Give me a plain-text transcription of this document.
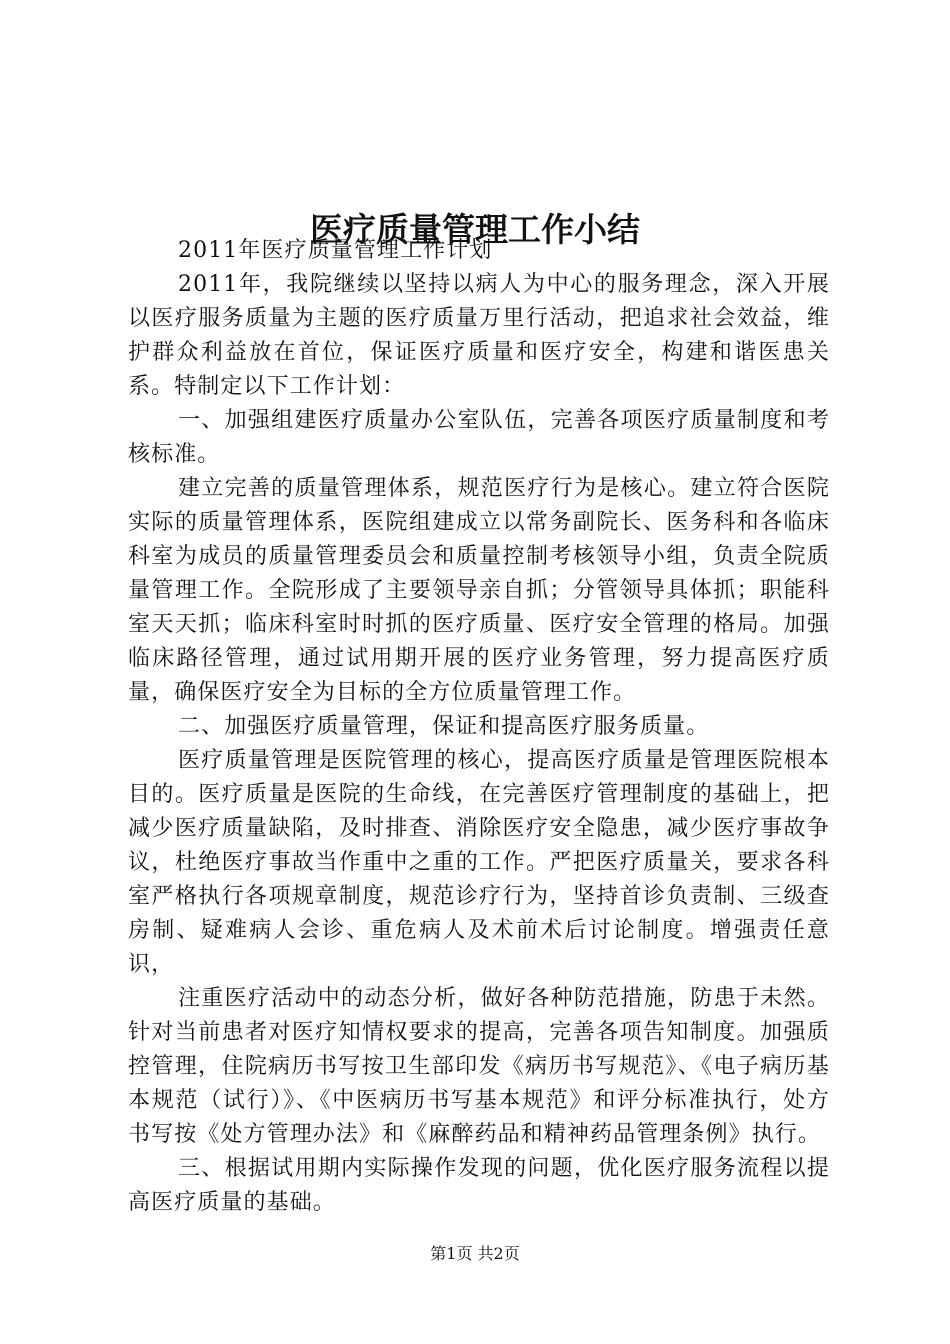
医疗质量管理工作小结

2011年医疗质量管理工作计划

2011年，我院继续以坚持以病人为中心的服务理念，深入开展以医疗服务质量为主题的医疗质量万里行活动，把追求社会效益，维护群众利益放在首位，保证医疗质量和医疗安全，构建和谐医患关系。特制定以下工作计划：

一、加强组建医疗质量办公室队伍，完善各项医疗质量制度和考核标准。

建立完善的质量管理体系，规范医疗行为是核心。建立符合医院实际的质量管理体系，医院组建成立以常务副院长、医务科和各临床科室为成员的质量管理委员会和质量控制考核领导小组，负责全院质量管理工作。全院形成了主要领导亲自抓；分管领导具体抓；职能科室天天抓；临床科室时时抓的医疗质量、医疗安全管理的格局。加强临床路径管理，通过试用期开展的医疗业务管理，努力提高医疗质量，确保医疗安全为目标的全方位质量管理工作。

二、加强医疗质量管理，保证和提高医疗服务质量。

医疗质量管理是医院管理的核心，提高医疗质量是管理医院根本目的。医疗质量是医院的生命线，在完善医疗管理制度的基础上，把减少医疗质量缺陷，及时排查、消除医疗安全隐患，减少医疗事故争议，杜绝医疗事故当作重中之重的工作。严把医疗质量关，要求各科室严格执行各项规章制度，规范诊疗行为，坚持首诊负责制、三级查房制、疑难病人会诊、重危病人及术前术后讨论制度。增强责任意识，

注重医疗活动中的动态分析，做好各种防范措施，防患于未然。针对当前患者对医疗知情权要求的提高，完善各项告知制度。加强质控管理，住院病历书写按卫生部印发《病历书写规范》、《电子病历基本规范（试行）》、《中医病历书写基本规范》和评分标准执行，处方书写按《处方管理办法》和《麻醉药品和精神药品管理条例》执行。

三、根据试用期内实际操作发现的问题，优化医疗服务流程以提高医疗质量的基础。

第1页 共2页
